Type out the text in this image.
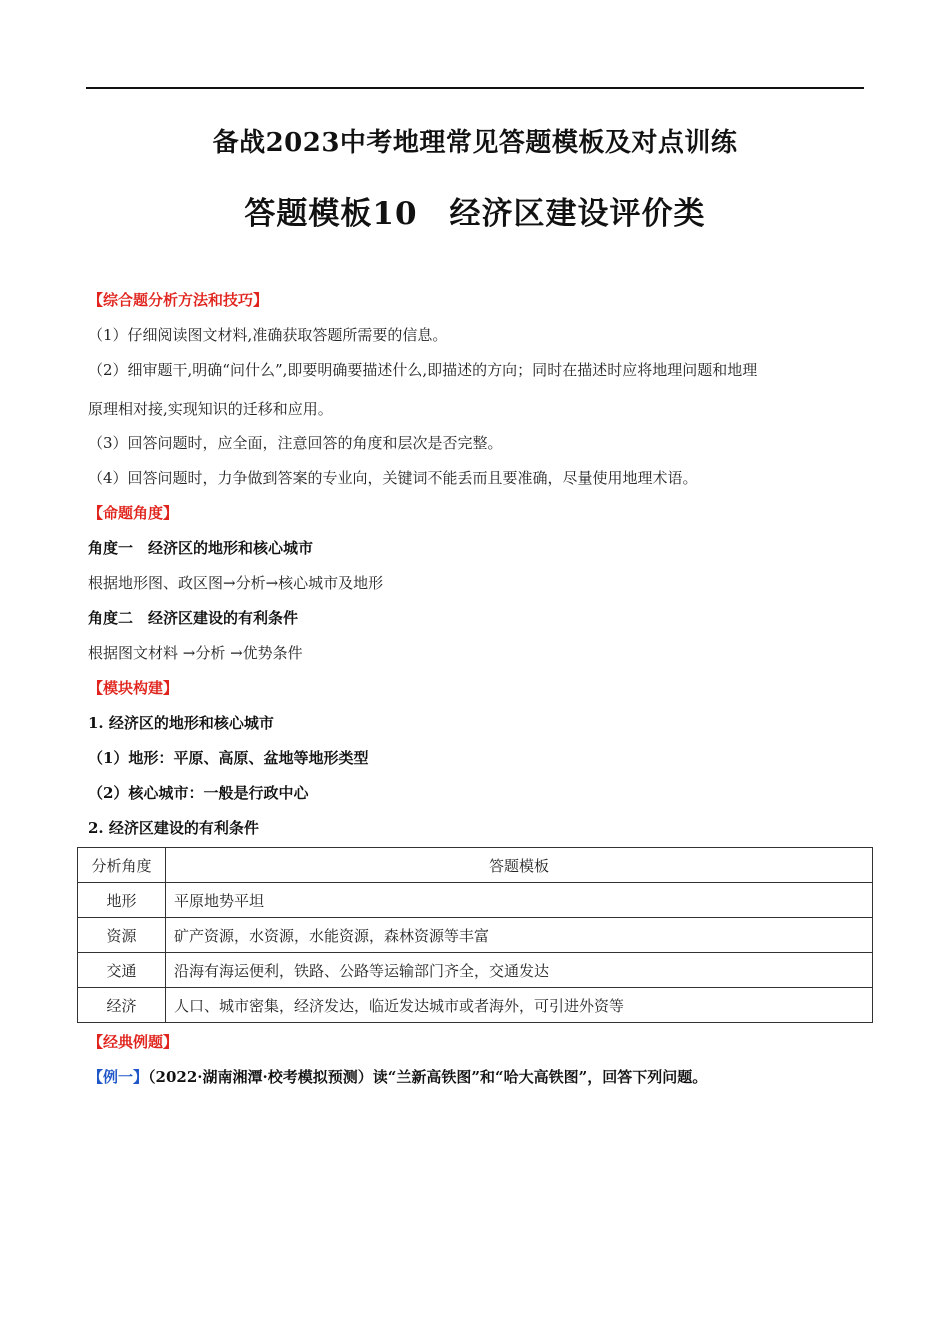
备战2023中考地理常见答题模板及对点训练
答题模板10　经济区建设评价类
【综合题分析方法和技巧】
（1）仔细阅读图文材料,准确获取答题所需要的信息。
（2）细审题干,明确“问什么”,即要明确要描述什么,即描述的方向；同时在描述时应将地理问题和地理
原理相对接,实现知识的迁移和应用。
（3）回答问题时，应全面，注意回答的角度和层次是否完整。
（4）回答问题时，力争做到答案的专业向，关键词不能丢而且要准确，尽量使用地理术语。
【命题角度】
角度一　经济区的地形和核心城市
根据地形图、政区图→分析→核心城市及地形
角度二　经济区建设的有利条件
根据图文材料 →分析 →优势条件
【模块构建】
1. 经济区的地形和核心城市
（1）地形：平原、高原、盆地等地形类型
（2）核心城市：一般是行政中心
2. 经济区建设的有利条件
分析角度	答题模板
地形	平原地势平坦
资源	矿产资源，水资源，水能资源，森林资源等丰富
交通	沿海有海运便利，铁路、公路等运输部门齐全，交通发达
经济	人口、城市密集，经济发达，临近发达城市或者海外，可引进外资等
【经典例题】
【例一】（2022·湖南湘潭·校考模拟预测）读“兰新高铁图”和“哈大高铁图”，回答下列问题。
